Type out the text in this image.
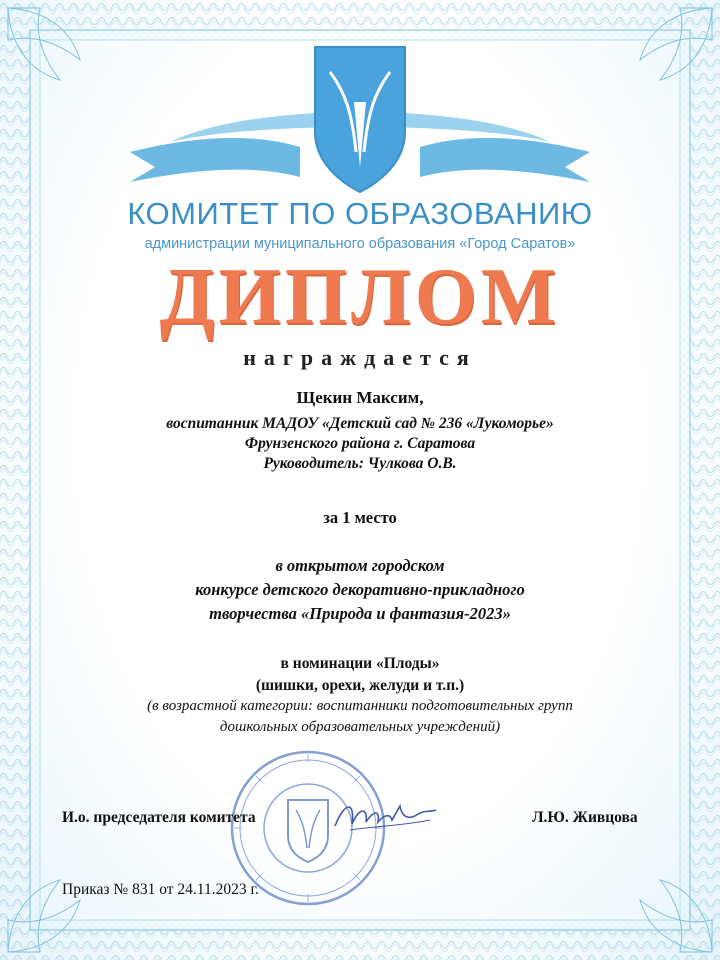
КОМИТЕТ ПО ОБРАЗОВАНИЮ
администрации муниципального образования «Город Саратов»
ДИПЛОМ
награждается
Щекин Максим,
воспитанник МАДОУ «Детский сад № 236 «Лукоморье»
Фрунзенского района г. Саратова
Руководитель: Чулкова О.В.
за 1 место
в открытом городском
конкурсе детского декоративно-прикладного
творчества «Природа и фантазия-2023»
в номинации «Плоды»
(шишки, орехи, желуди и т.п.)
(в возрастной категории: воспитанники подготовительных групп
дошкольных образовательных учреждений)
И.о. председателя комитета	Л.Ю. Живцова
Приказ № 831 от 24.11.2023 г.
